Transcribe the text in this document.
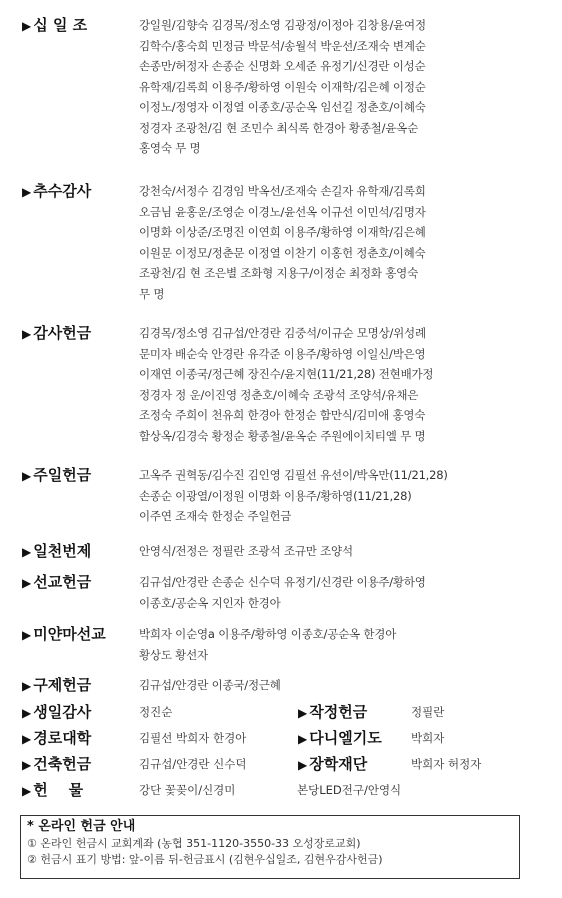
▶ 십 일 조	강일원/김향숙 김경목/정소영 김광정/이정아 김창용/윤여정
김학수/홍숙희 민정금 박문석/송월석 박운선/조재숙 변계순
손종만/허정자 손종순 신명화 오세준 유정기/신경란 이성순
유학재/김록희 이용주/황하영 이원숙 이재학/김은혜 이정순
이정노/정영자 이정열 이종호/공순옥 임선길 정춘호/이혜숙
정경자 조광천/김 현 조민수 최식록 한경아 황종철/윤옥순
홍영숙 무 명
▶ 추수감사	강천숙/서정수 김경임 박옥선/조재숙 손길자 유학재/김록희
오금님 윤홍운/조영순 이경노/윤선옥 이규선 이민석/김명자
이명화 이상준/조명진 이연희 이용주/황하영 이재학/김은혜
이원문 이정모/정춘문 이정열 이찬기 이홍헌 정춘호/이혜숙
조광천/김 현 조은별 조화형 지용구/이정순 최정화 홍영숙
무 명
▶ 감사헌금	김경목/정소영 김규섭/안경란 김중석/이규순 모명상/위성례
문미자 배순숙 안경란 유각준 이용주/황하영 이일신/박은영
이재연 이종국/정근혜 장진수/윤지현(11/21,28) 전현배가정
정경자 정 운/이진영 정춘호/이혜숙 조광석 조양석/유채은
조정숙 주희이 천유희 한경아 한정순 함만식/김미애 홍영숙
함상옥/김경숙 황정순 황종철/윤옥순 주원에이치티엘 무 명
▶ 주일헌금	고옥주 권혁동/김수진 김인영 김필선 유선이/박옥만(11/21,28)
손종순 이광열/이정원 이명화 이용주/황하영(11/21,28)
이주연 조재숙 한정순 주일헌금
▶ 일천번제	안영식/전정은 정필란 조광석 조규만 조양석
▶ 선교헌금	김규섭/안경란 손종순 신수덕 유정기/신경란 이용주/황하영
이종호/공순옥 지인자 한경아
▶ 미얀마선교	박희자 이순영a 이용주/황하영 이종호/공순옥 한경아
황상도 황선자
▶ 구제헌금	김규섭/안경란 이종국/정근혜
▶ 생일감사	정진순	▶ 작정헌금	정필란
▶ 경로대학	김필선 박희자 한경아	▶ 다니엘기도	박희자
▶ 건축헌금	김규섭/안경란 신수덕	▶ 장학재단	박희자 허정자
▶ 헌    물	강단 꽃꽂이/신경미	본당LED전구/안영식
* 온라인 헌금 안내
① 온라인 헌금시 교회계좌 (농협 351-1120-3550-33 오성장로교회)
② 헌금시 표기 방법: 앞-이름 뒤-헌금표시 (김현우십일조, 김현우감사헌금)
